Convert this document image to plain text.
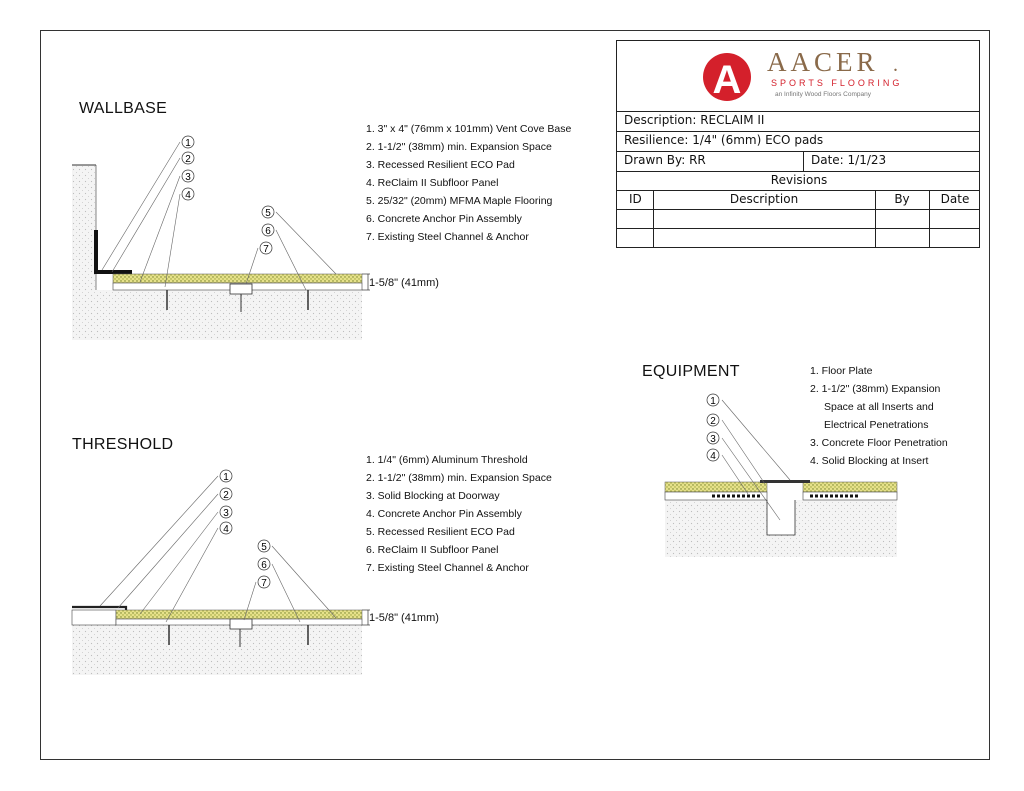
WALLBASE
1. 3" x 4" (76mm x 101mm) Vent Cove Base
2. 1-1/2" (38mm) min. Expansion Space
3. Recessed Resilient ECO Pad
4. ReClaim II Subfloor Panel
5. 25/32" (20mm) MFMA Maple Flooring
6. Concrete Anchor Pin Assembly
7. Existing Steel Channel & Anchor
1
2
3
4
5
6
7
1
2
3
4
5
6
7
1
2
3
4
1-5/8" (41mm)
THRESHOLD
1. 1/4" (6mm) Aluminum Threshold
2. 1-1/2" (38mm) min. Expansion Space
3. Solid Blocking at Doorway
4. Concrete Anchor Pin Assembly
5. Recessed Resilient ECO Pad
6. ReClaim II Subfloor Panel
7. Existing Steel Channel & Anchor
1-5/8" (41mm)
EQUIPMENT	1. Floor Plate
2. 1-1/2" (38mm) Expansion
Space at all Inserts and
Electrical Penetrations
3. Concrete Floor Penetration
4. Solid Blocking at Insert
A AACER .
SPORTS FLOORING
an Infinity Wood Floors Company
Description: RECLAIM II
Resilience: 1/4" (6mm) ECO pads
Drawn By: RR	Date: 1/1/23
Revisions
ID	Description	By	Date
